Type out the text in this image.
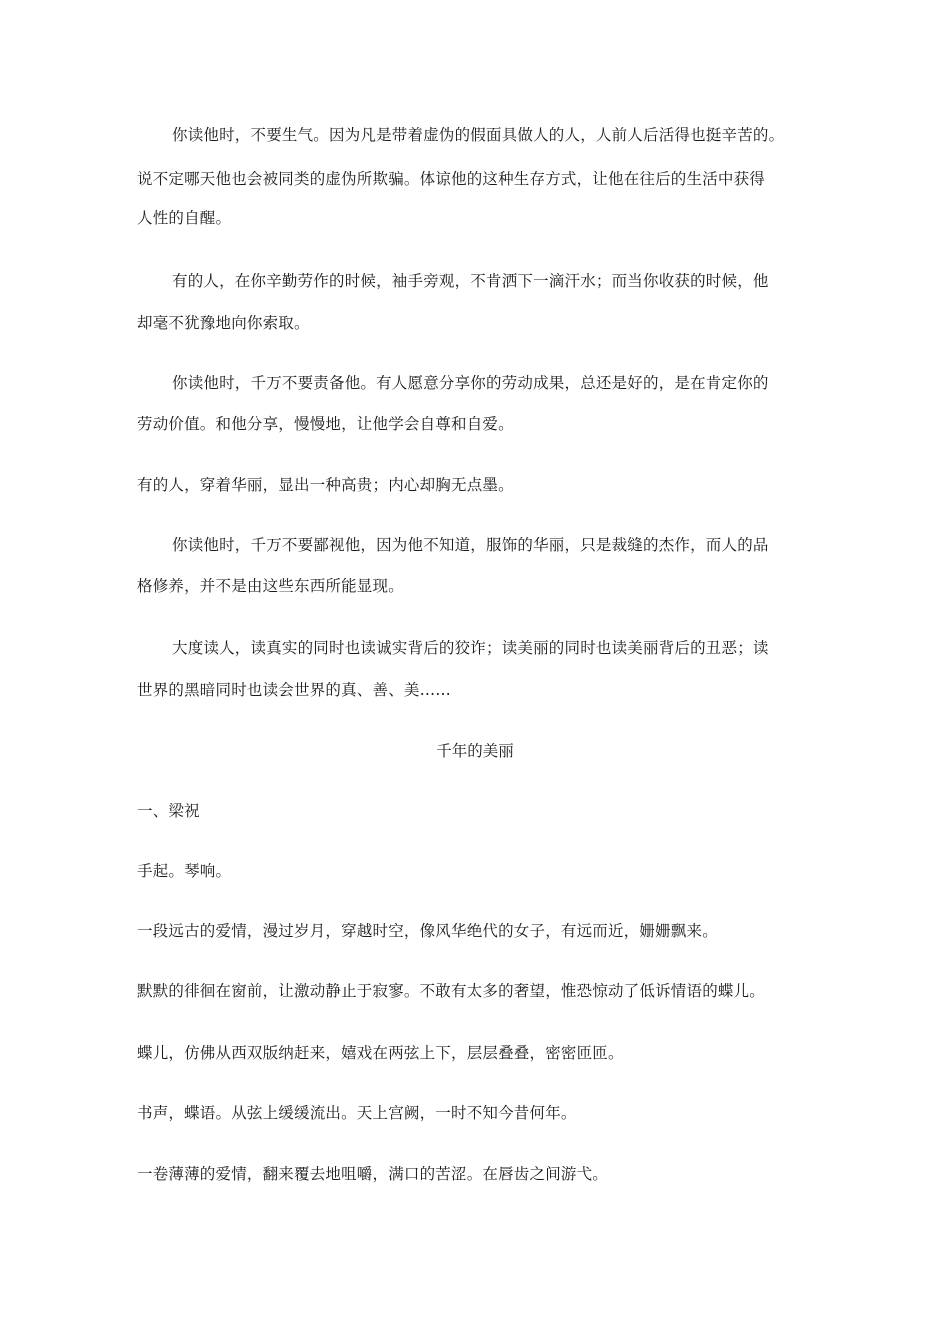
你读他时，不要生气。因为凡是带着虚伪的假面具做人的人，人前人后活得也挺辛苦的。
说不定哪天他也会被同类的虚伪所欺骗。体谅他的这种生存方式，让他在往后的生活中获得
人性的自醒。
有的人，在你辛勤劳作的时候，袖手旁观，不肯洒下一滴汗水；而当你收获的时候，他
却毫不犹豫地向你索取。
你读他时，千万不要责备他。有人愿意分享你的劳动成果，总还是好的，是在肯定你的
劳动价值。和他分享，慢慢地，让他学会自尊和自爱。
有的人，穿着华丽，显出一种高贵；内心却胸无点墨。
你读他时，千万不要鄙视他，因为他不知道，服饰的华丽，只是裁缝的杰作，而人的品
格修养，并不是由这些东西所能显现。
大度读人，读真实的同时也读诚实背后的狡诈；读美丽的同时也读美丽背后的丑恶；读
世界的黑暗同时也读会世界的真、善、美……
千年的美丽
一、梁祝
手起。琴响。
一段远古的爱情，漫过岁月，穿越时空，像风华绝代的女子，有远而近，姗姗飘来。
默默的徘徊在窗前，让激动静止于寂寥。不敢有太多的奢望，惟恐惊动了低诉情语的蝶儿。
蝶儿，仿佛从西双版纳赶来，嬉戏在两弦上下，层层叠叠，密密匝匝。
书声，蝶语。从弦上缓缓流出。天上宫阙，一时不知今昔何年。
一卷薄薄的爱情，翻来覆去地咀嚼，满口的苦涩。在唇齿之间游弋。
